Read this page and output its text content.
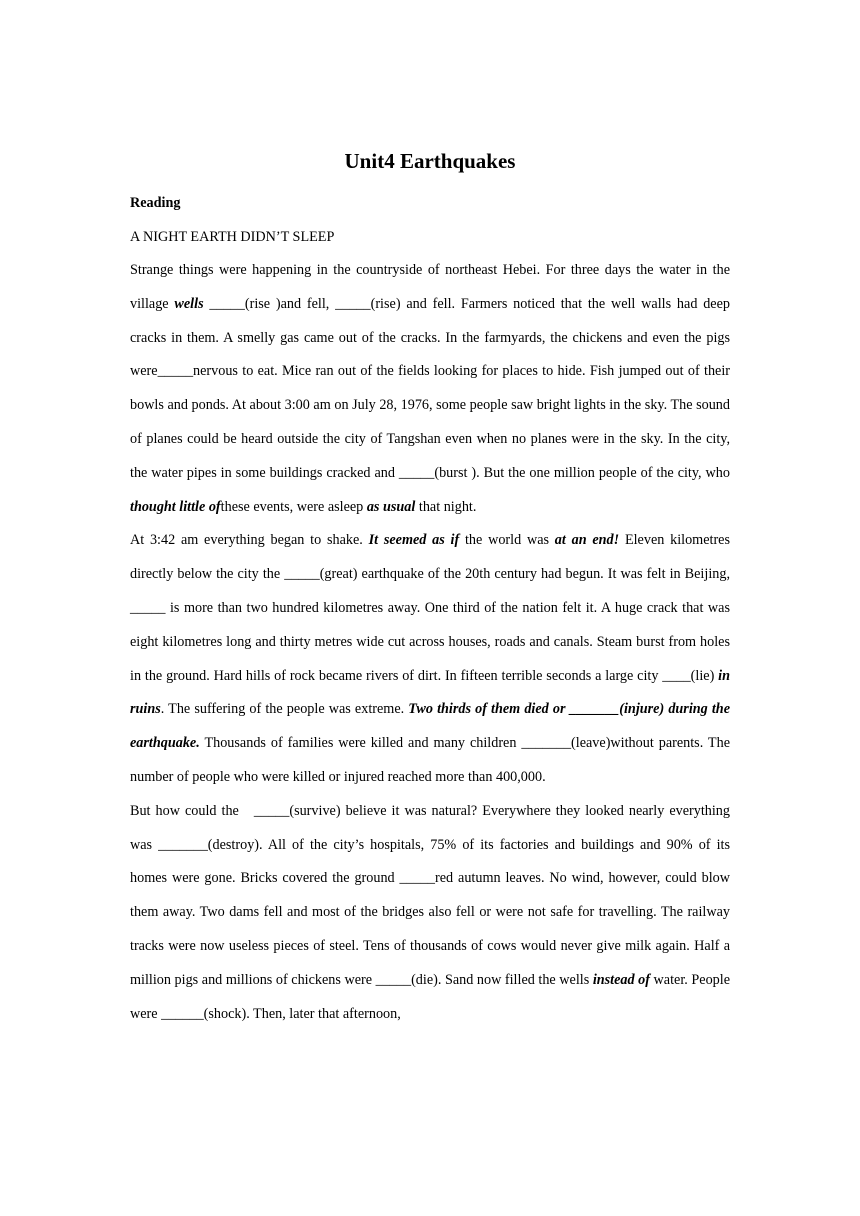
Unit4 Earthquakes

Reading

A NIGHT EARTH DIDN’T SLEEP

Strange things were happening in the countryside of northeast Hebei. For three days the water in the village wells _____(rise )and fell, _____(rise) and fell. Farmers noticed that the well walls had deep cracks in them. A smelly gas came out of the cracks. In the farmyards, the chickens and even the pigs were_____nervous to eat. Mice ran out of the fields looking for places to hide. Fish jumped out of their bowls and ponds. At about 3:00 am on July 28, 1976, some people saw bright lights in the sky. The sound of planes could be heard outside the city of Tangshan even when no planes were in the sky. In the city, the water pipes in some buildings cracked and _____(burst ). But the one million people of the city, who thought little ofthese events, were asleep as usual that night.

At 3:42 am everything began to shake. It seemed as if the world was at an end! Eleven kilometres directly below the city the _____(great) earthquake of the 20th century had begun. It was felt in Beijing, _____ is more than two hundred kilometres away. One third of the nation felt it. A huge crack that was eight kilometres long and thirty metres wide cut across houses, roads and canals. Steam burst from holes in the ground. Hard hills of rock became rivers of dirt. In fifteen terrible seconds a large city ____(lie) in ruins. The suffering of the people was extreme. Two thirds of them died or _______(injure) during the earthquake. Thousands of families were killed and many children _______(leave)without parents. The number of people who were killed or injured reached more than 400,000.

But how could the   _____(survive) believe it was natural? Everywhere they looked nearly everything was _______(destroy). All of the city’s hospitals, 75% of its factories and buildings and 90% of its homes were gone. Bricks covered the ground _____red autumn leaves. No wind, however, could blow them away. Two dams fell and most of the bridges also fell or were not safe for travelling. The railway tracks were now useless pieces of steel. Tens of thousands of cows would never give milk again. Half a million pigs and millions of chickens were _____(die). Sand now filled the wells instead of water. People were ______(shock). Then, later that afternoon,
